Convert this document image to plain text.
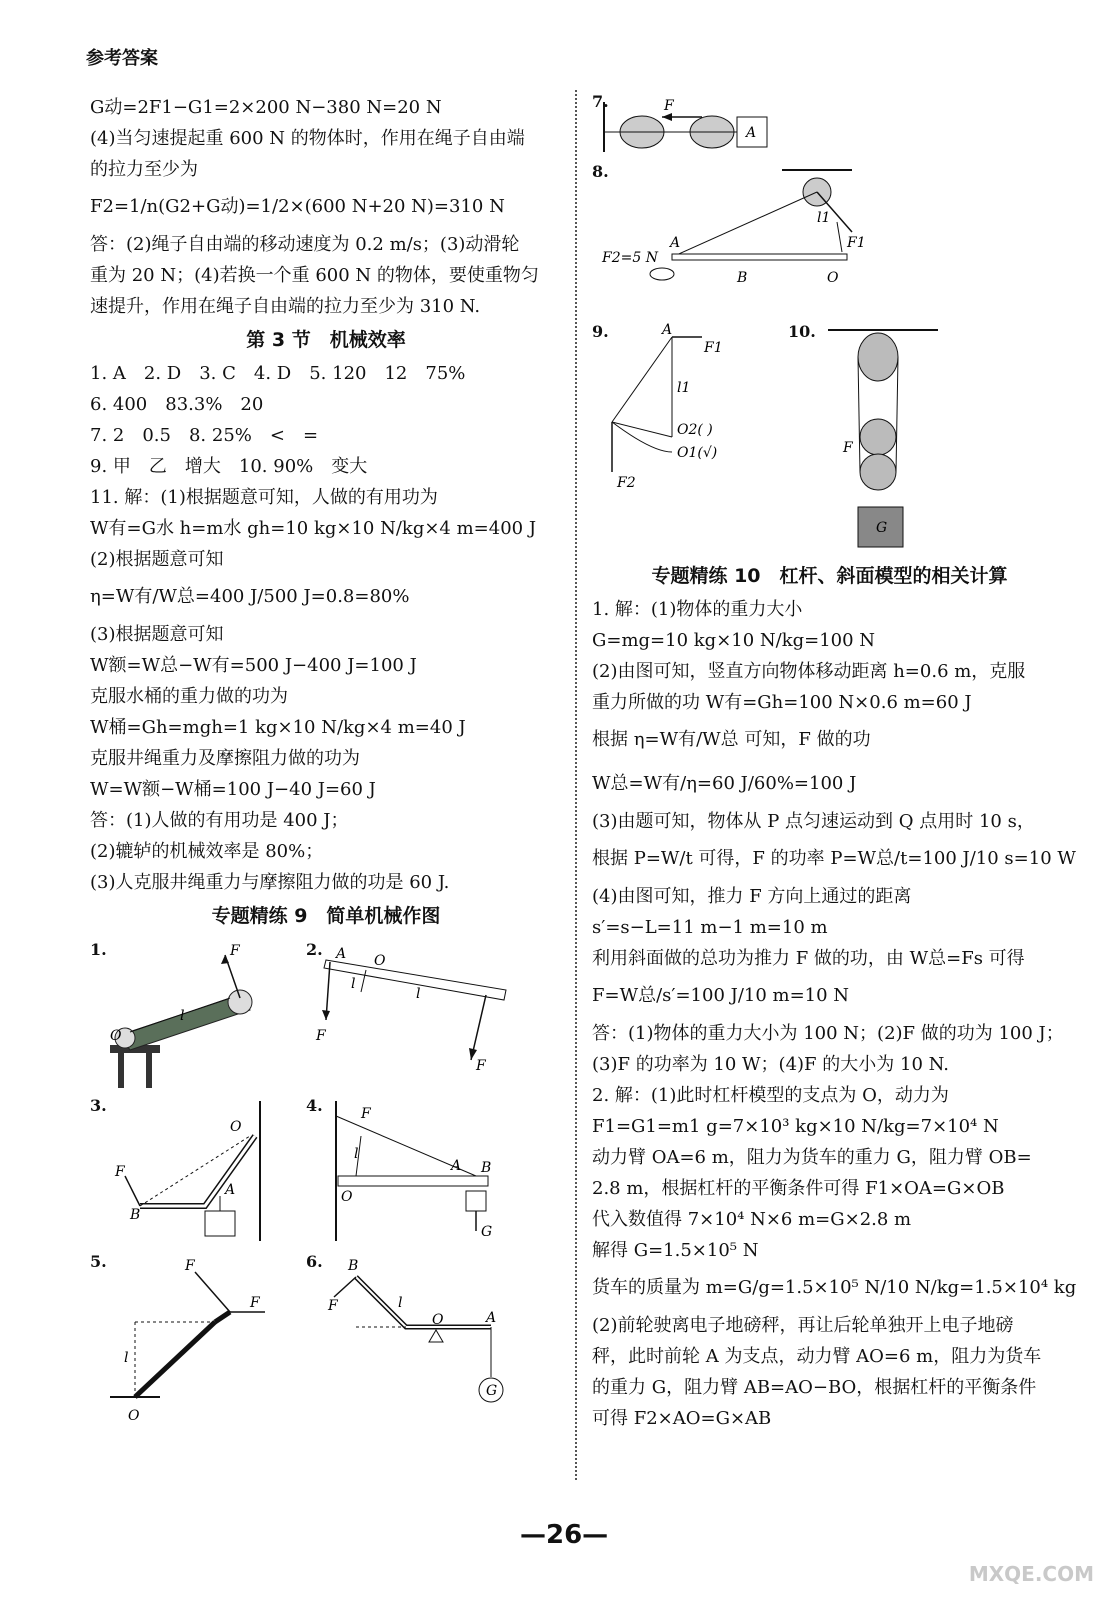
参考答案
G动=2F1−G1=2×200 N−380 N=20 N
(4)当匀速提起重 600 N 的物体时，作用在绳子自由端
的拉力至少为
F2=1/n(G2+G动)=1/2×(600 N+20 N)=310 N
答：(2)绳子自由端的移动速度为 0.2 m/s；(3)动滑轮
重为 20 N；(4)若换一个重 600 N 的物体，要使重物匀
速提升，作用在绳子自由端的拉力至少为 310 N.
第 3 节　机械效率
1. A　2. D　3. C　4. D　5. 120　12　75%
6. 400　83.3%　20
7. 2　0.5　8. 25%　<　=
9. 甲　乙　增大　10. 90%　变大
11. 解：(1)根据题意可知，人做的有用功为
W有=G水 h=m水 gh=10 kg×10 N/kg×4 m=400 J
(2)根据题意可知
η=W有/W总=400 J/500 J=0.8=80%
(3)根据题意可知
W额=W总−W有=500 J−400 J=100 J
克服水桶的重力做的功为
W桶=Gh=mgh=1 kg×10 N/kg×4 m=40 J
克服井绳重力及摩擦阻力做的功为
W=W额−W桶=100 J−40 J=60 J
答：(1)人做的有用功是 400 J；
(2)辘轳的机械效率是 80%；
(3)人克服井绳重力与摩擦阻力做的功是 60 J.
专题精练 9　简单机械作图
1.	F
l
O
2. A O
l
l
F
F
3.
F
B
O
A
4.	F
l
O
A B
G
5.	F
F
l
O
6. B
F	l
O	A
G
7.	F
A
8.
A
B	O
F2=5 N
l1
F1
9.	A
F1
l1
O2( )
O1(√)
F2
10.
F
G
专题精练 10　杠杆、斜面模型的相关计算
1. 解：(1)物体的重力大小
G=mg=10 kg×10 N/kg=100 N
(2)由图可知，竖直方向物体移动距离 h=0.6 m，克服
重力所做的功 W有=Gh=100 N×0.6 m=60 J
根据 η=W有/W总 可知，F 做的功
W总=W有/η=60 J/60%=100 J
(3)由题可知，物体从 P 点匀速运动到 Q 点用时 10 s，
根据 P=W/t 可得，F 的功率 P=W总/t=100 J/10 s=10 W
(4)由图可知，推力 F 方向上通过的距离
s′=s−L=11 m−1 m=10 m
利用斜面做的总功为推力 F 做的功，由 W总=Fs 可得
F=W总/s′=100 J/10 m=10 N
答：(1)物体的重力大小为 100 N；(2)F 做的功为 100 J；
(3)F 的功率为 10 W；(4)F 的大小为 10 N.
2. 解：(1)此时杠杆模型的支点为 O，动力为
F1=G1=m1 g=7×10³ kg×10 N/kg=7×10⁴ N
动力臂 OA=6 m，阻力为货车的重力 G，阻力臂 OB=
2.8 m，根据杠杆的平衡条件可得 F1×OA=G×OB
代入数值得 7×10⁴ N×6 m=G×2.8 m
解得 G=1.5×10⁵ N
货车的质量为 m=G/g=1.5×10⁵ N/10 N/kg=1.5×10⁴ kg
(2)前轮驶离电子地磅秤，再让后轮单独开上电子地磅
秤，此时前轮 A 为支点，动力臂 AO=6 m，阻力为货车
的重力 G，阻力臂 AB=AO−BO，根据杠杆的平衡条件
可得 F2×AO=G×AB
—26—
MXQE.COM
